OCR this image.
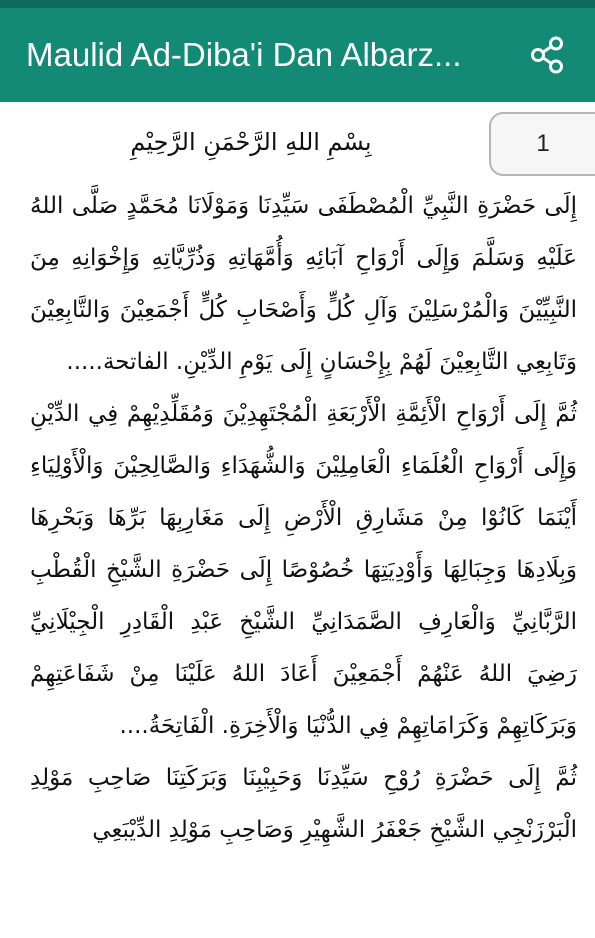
Maulid Ad-Diba'i Dan Albarz...
1
بِسْمِ اللهِ الرَّحْمَنِ الرَّحِيْمِ

إِلَى حَضْرَةِ النَّبِيِّ الْمُصْطَفَى سَيِّدِنَا وَمَوْلَانَا مُحَمَّدٍ صَلَّى اللهُ عَلَيْهِ وَسَلَّمَ وَإِلَى أَرْوَاحِ آبَائِهِ وَأُمَّهَاتِهِ وَذُرِّيَّاتِهِ وَإِخْوَانِهِ مِنَ النَّبِيِّيْنَ وَالْمُرْسَلِيْنَ وَآلِ كُلٍّ وَأَصْحَابِ كُلٍّ أَجْمَعِيْنَ وَالتَّابِعِيْنَ وَتَابِعِي التَّابِعِيْنَ لَهُمْ بِإِحْسَانٍ إِلَى يَوْمِ الدِّيْنِ. الفاتحة.....

ثُمَّ إِلَى أَرْوَاحِ الْأَئِمَّةِ الْأَرْبَعَةِ الْمُجْتَهِدِيْنَ وَمُقَلِّدِيْهِمْ فِي الدِّيْنِ وَإِلَى أَرْوَاحِ الْعُلَمَاءِ الْعَامِلِيْنَ وَالشُّهَدَاءِ وَالصَّالِحِيْنَ وَالْأَوْلِيَاءِ أَيْنَمَا كَانُوْا مِنْ مَشَارِقِ الْأَرْضِ إِلَى مَغَارِبِهَا بَرِّهَا وَبَحْرِهَا وَبِلَادِهَا وَجِبَالِهَا وَأَوْدِيَتِهَا خُصُوْصًا إِلَى حَضْرَةِ الشَّيْخِ الْقُطْبِ الرَّبَّانِيِّ وَالْعَارِفِ الصَّمَدَانِيِّ الشَّيْخِ عَبْدِ الْقَادِرِ الْجِيْلَانِيِّ رَضِيَ اللهُ عَنْهُمْ أَجْمَعِيْنَ أَعَادَ اللهُ عَلَيْنَا مِنْ شَفَاعَتِهِمْ وَبَرَكَاتِهِمْ وَكَرَامَاتِهِمْ فِي الدُّنْيَا وَالْأَخِرَةِ. الْفَاتِحَةُ....

ثُمَّ إِلَى حَضْرَةِ رُوْحِ سَيِّدِنَا وَحَبِيْبِنَا وَبَرَكَتِنَا صَاحِبِ مَوْلِدِ الْبَرْزَنْجِي الشَّيْخِ جَعْفَرُ الشَّهِيْرِ وَصَاحِبِ مَوْلِدِ الدِّيْبَعِي
